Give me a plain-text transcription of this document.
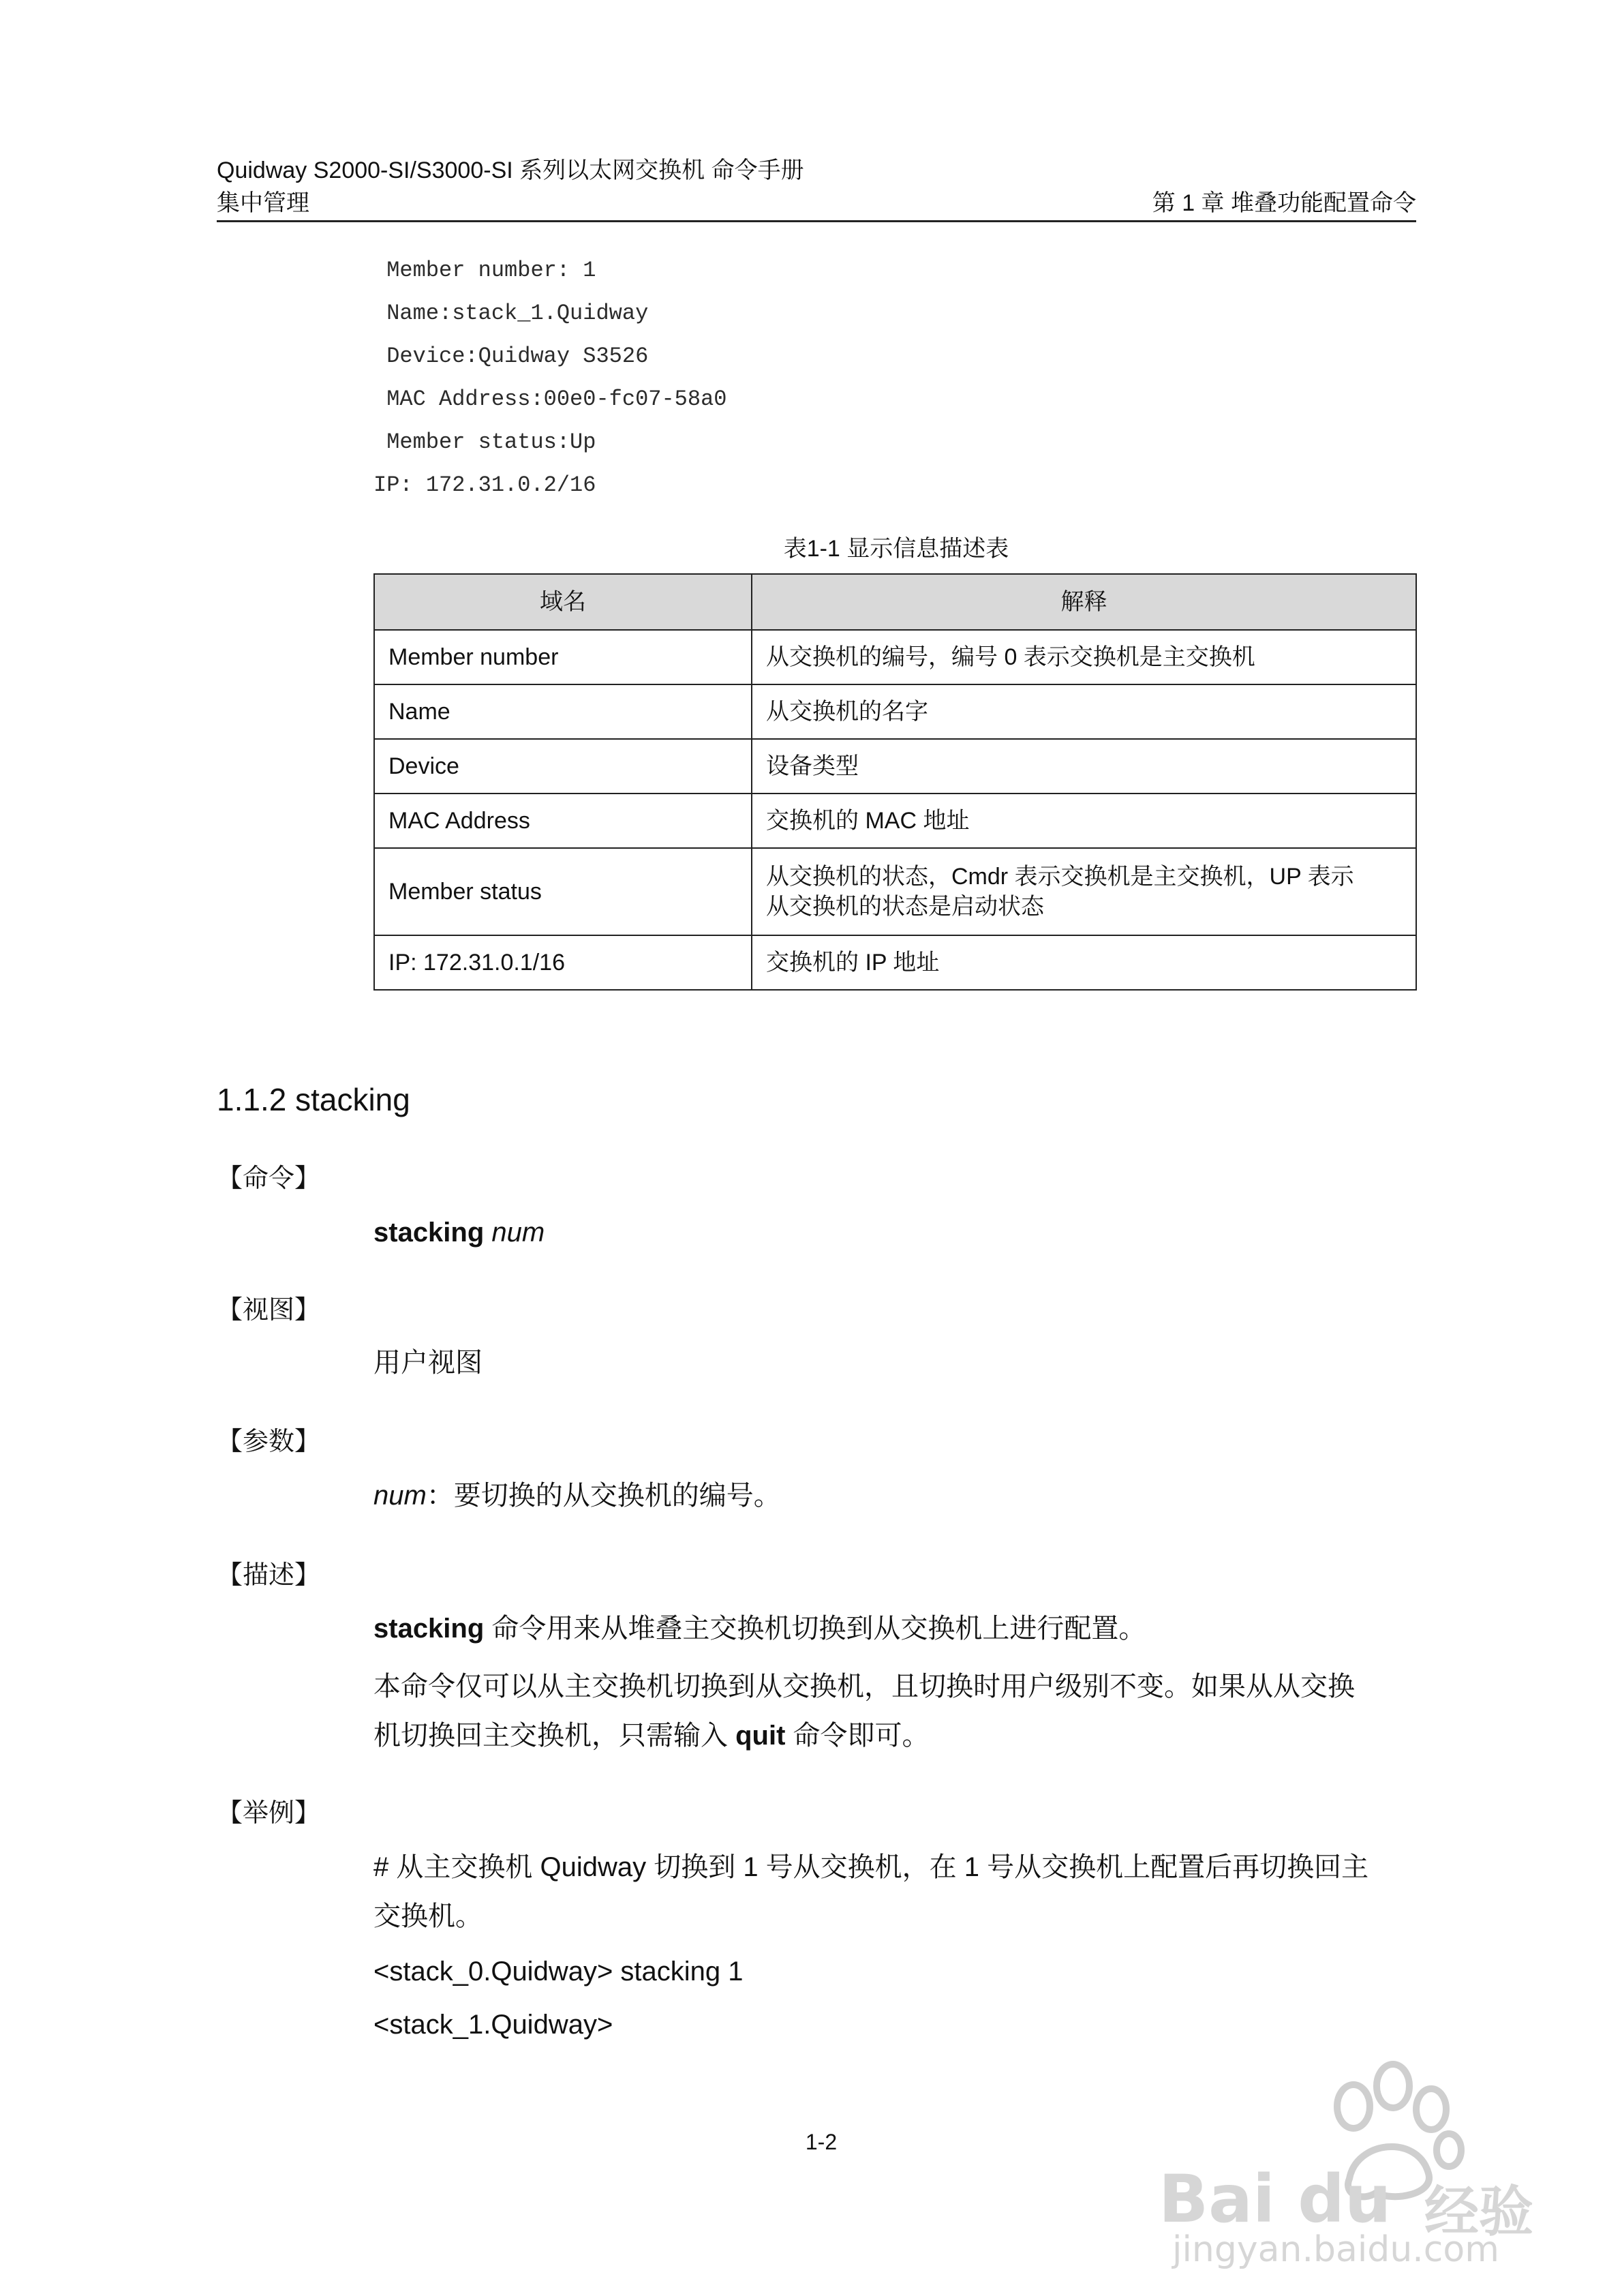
Quidway S2000-SI/S3000-SI 系列以太网交换机 命令手册
集中管理	第 1 章 堆叠功能配置命令
Member number: 1
Name:stack_1.Quidway
Device:Quidway S3526
MAC Address:00e0-fc07-58a0
Member status:Up
IP: 172.31.0.2/16
表1-1 显示信息描述表
域名	解释
Member number	从交换机的编号，编号 0 表示交换机是主交换机
Name	从交换机的名字
Device	设备类型
MAC Address	交换机的 MAC 地址
Member status	从交换机的状态，Cmdr 表示交换机是主交换机，UP 表示
从交换机的状态是启动状态

IP: 172.31.0.1/16	交换机的 IP 地址
1.1.2 stacking
【命令】
stacking num
【视图】
用户视图
【参数】
num：要切换的从交换机的编号。
【描述】
stacking 命令用来从堆叠主交换机切换到从交换机上进行配置。
本命令仅可以从主交换机切换到从交换机，且切换时用户级别不变。如果从从交换
机切换回主交换机，只需输入 quit 命令即可。
【举例】
# 从主交换机 Quidway 切换到 1 号从交换机，在 1 号从交换机上配置后再切换回主
交换机。
<stack_0.Quidway> stacking 1
<stack_1.Quidway>
1-2
Bai du 经验
jingyan.baidu.com
